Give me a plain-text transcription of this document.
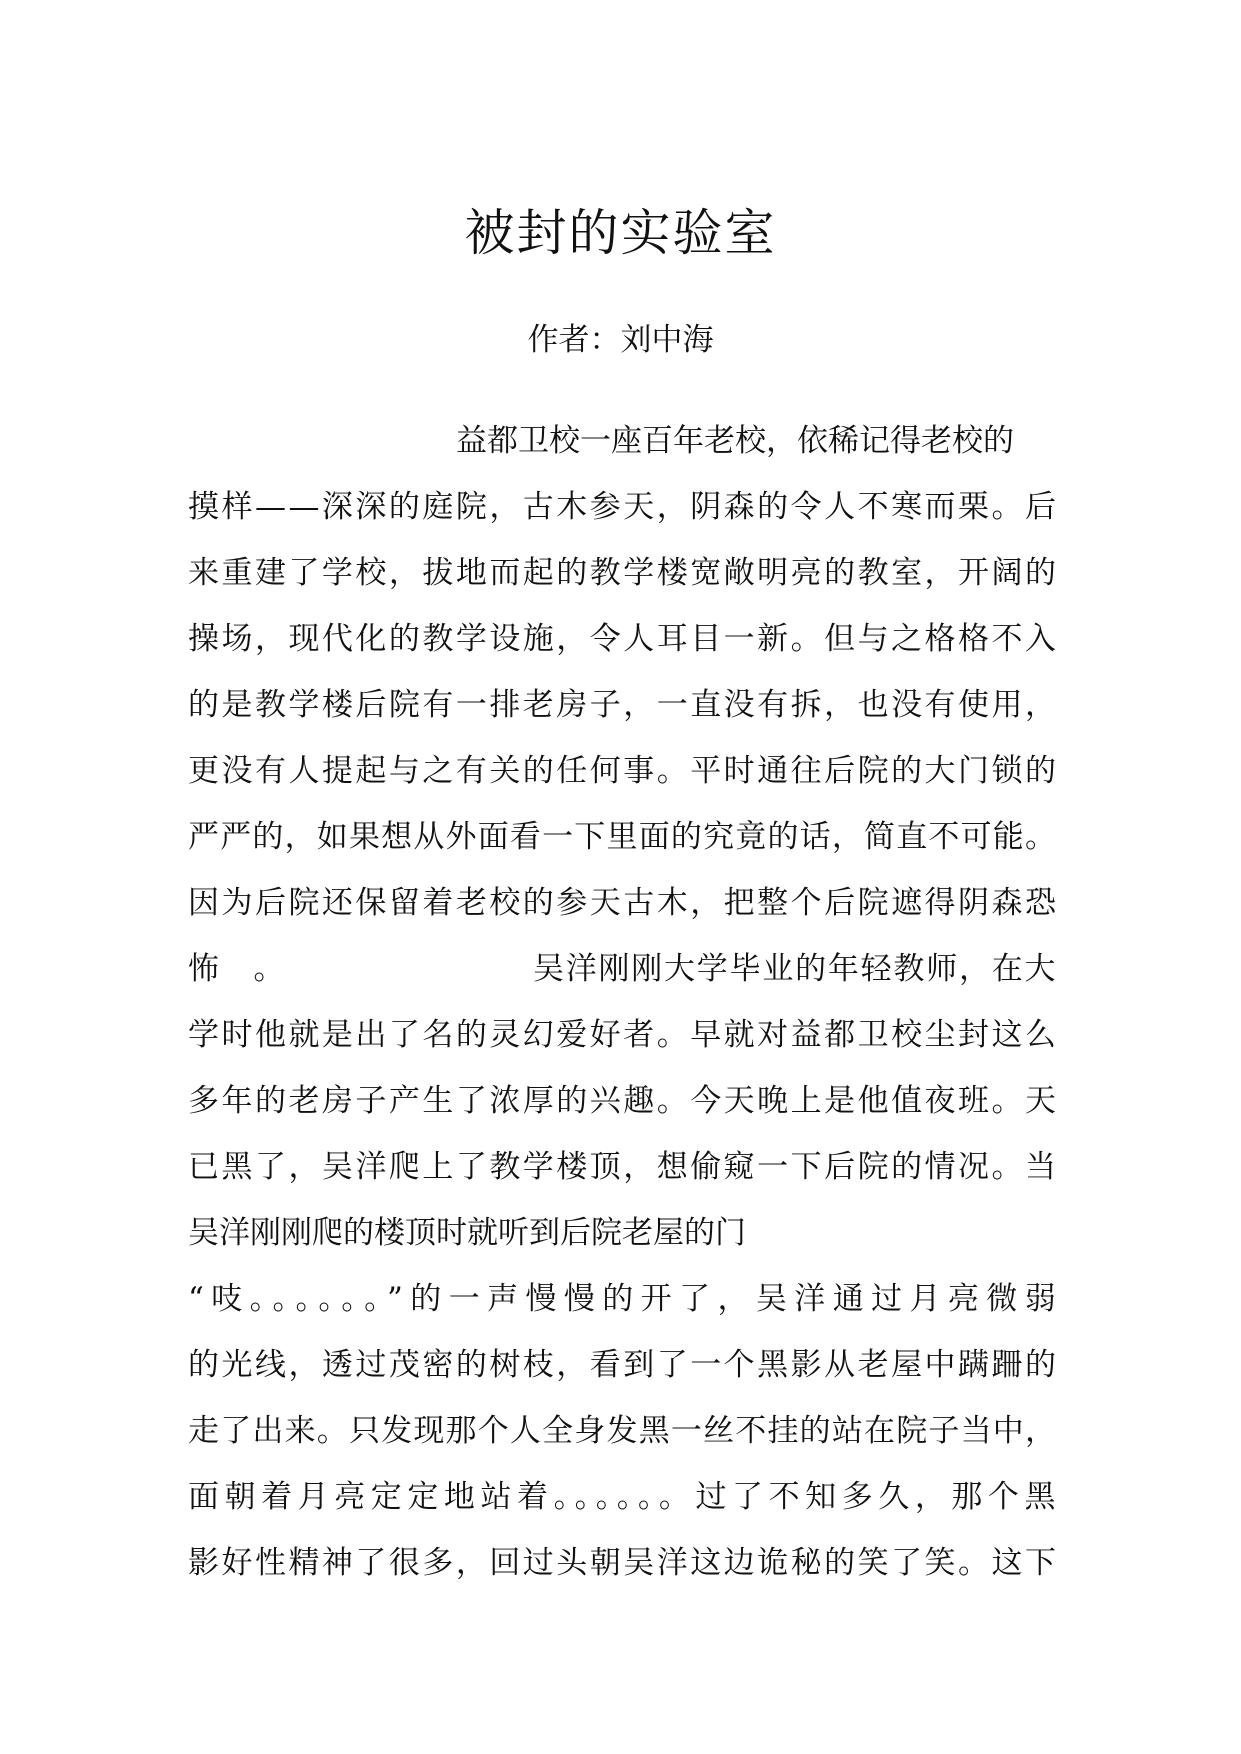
被封的实验室

作者：刘中海

益都卫校一座百年老校，依稀记得老校的
摸样——深深的庭院，古木参天，阴森的令人不寒而栗。后
来重建了学校，拔地而起的教学楼宽敞明亮的教室，开阔的
操场，现代化的教学设施，令人耳目一新。但与之格格不入
的是教学楼后院有一排老房子，一直没有拆，也没有使用，
更没有人提起与之有关的任何事。平时通往后院的大门锁的
严严的，如果想从外面看一下里面的究竟的话，简直不可能。
因为后院还保留着老校的参天古木，把整个后院遮得阴森恐
怖　。　　　　　　　　吴洋刚刚大学毕业的年轻教师，在大
学时他就是出了名的灵幻爱好者。早就对益都卫校尘封这么
多年的老房子产生了浓厚的兴趣。今天晚上是他值夜班。天
已黑了，吴洋爬上了教学楼顶，想偷窥一下后院的情况。当
吴洋刚刚爬的楼顶时就听到后院老屋的门
“吱。。。。。。”的一声慢慢的开了，吴洋通过月亮微弱
的光线，透过茂密的树枝，看到了一个黑影从老屋中蹒跚的
走了出来。只发现那个人全身发黑一丝不挂的站在院子当中，
面朝着月亮定定地站着。。。。。。过了不知多久，那个黑
影好性精神了很多，回过头朝吴洋这边诡秘的笑了笑。这下
